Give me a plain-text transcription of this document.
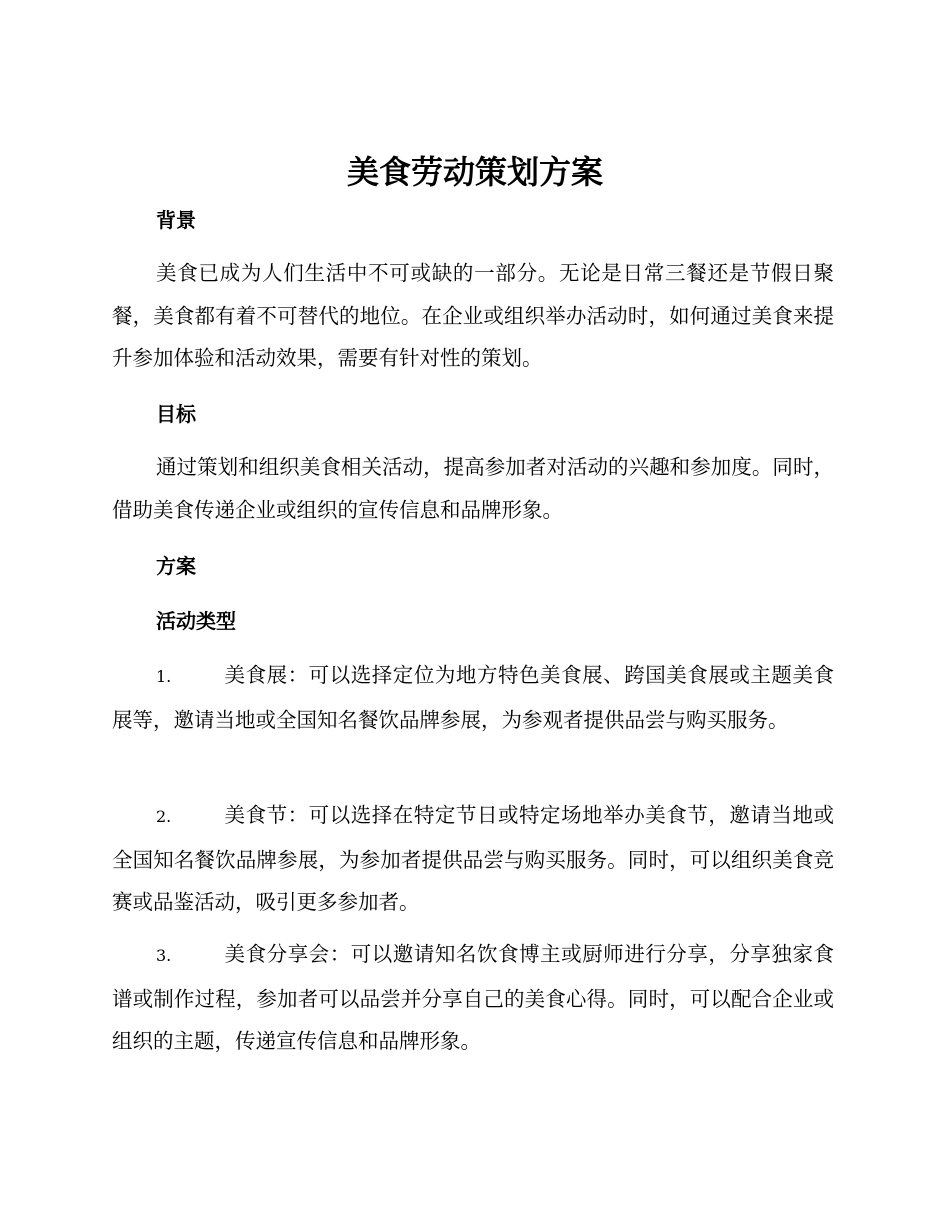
美食劳动策划方案
背景

美食已成为人们生活中不可或缺的一部分。无论是日常三餐还是节假日聚餐，美食都有着不可替代的地位。在企业或组织举办活动时，如何通过美食来提升参加体验和活动效果，需要有针对性的策划。

目标

通过策划和组织美食相关活动，提高参加者对活动的兴趣和参加度。同时，借助美食传递企业或组织的宣传信息和品牌形象。

方案
活动类型

1.	美食展：可以选择定位为地方特色美食展、跨国美食展或主题美食展等，邀请当地或全国知名餐饮品牌参展，为参观者提供品尝与购买服务。

2.	美食节：可以选择在特定节日或特定场地举办美食节，邀请当地或全国知名餐饮品牌参展，为参加者提供品尝与购买服务。同时，可以组织美食竞赛或品鉴活动，吸引更多参加者。

3.	美食分享会：可以邀请知名饮食博主或厨师进行分享，分享独家食谱或制作过程，参加者可以品尝并分享自己的美食心得。同时，可以配合企业或组织的主题，传递宣传信息和品牌形象。
